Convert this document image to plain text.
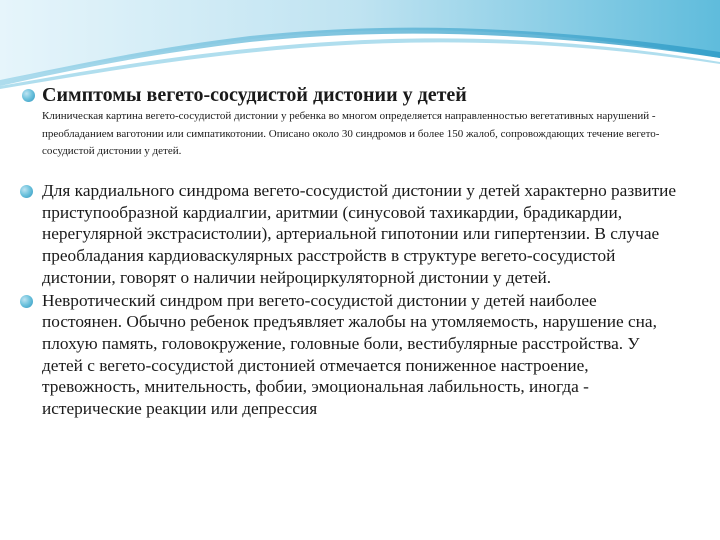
Симптомы вегето-сосудистой дистонии у детей
Клиническая картина вегето-сосудистой дистонии у ребенка во многом определяется направленностью вегетативных нарушений - преобладанием ваготонии или симпатикотонии. Описано около 30 синдромов и более 150 жалоб, сопровождающих течение вегето-сосудистой дистонии у детей.
Для кардиального синдрома вегето-сосудистой дистонии у детей характерно развитие приступообразной кардиалгии, аритмии (синусовой тахикардии, брадикардии, нерегулярной экстрасистолии), артериальной гипотонии или гипертензии. В случае преобладания кардиоваскулярных расстройств в структуре вегето-сосудистой дистонии, говорят о наличии нейроциркуляторной дистонии у детей.
Невротический синдром при вегето-сосудистой дистонии у детей наиболее постоянен. Обычно ребенок предъявляет жалобы на утомляемость, нарушение сна, плохую память, головокружение, головные боли, вестибулярные расстройства. У детей с вегето-сосудистой дистонией отмечается пониженное настроение, тревожность, мнительность, фобии, эмоциональная лабильность, иногда - истерические реакции или депрессия
